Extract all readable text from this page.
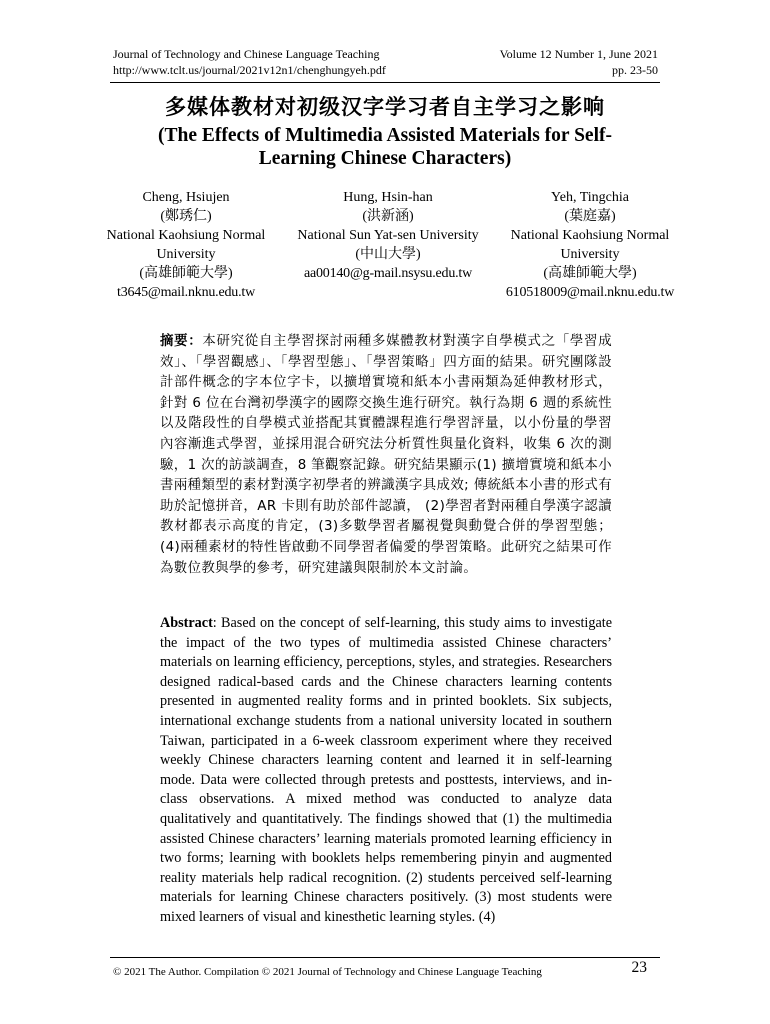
Journal of Technology and Chinese Language Teaching
http://www.tclt.us/journal/2021v12n1/chenghungyeh.pdf
Volume 12 Number 1, June 2021
pp. 23-50
多媒体教材对初级汉字学习者自主学习之影响
(The Effects of Multimedia Assisted Materials for Self-Learning Chinese Characters)
Cheng, Hsiujen
(鄭琇仁)
National Kaohsiung Normal University
(高雄師範大學)
t3645@mail.nknu.edu.tw
Hung, Hsin-han
(洪新涵)
National Sun Yat-sen University
(中山大學)
aa00140@g-mail.nsysu.edu.tw
Yeh, Tingchia
(葉庭嘉)
National Kaohsiung Normal University
(高雄師範大學)
610518009@mail.nknu.edu.tw
摘要：本研究從自主學習探討兩種多媒體教材對漢字自學模式之「學習成效」、「學習觀感」、「學習型態」、「學習策略」四方面的結果。研究團隊設計部件概念的字本位字卡，以擴增實境和紙本小書兩類為延伸教材形式，針對 6 位在台灣初學漢字的國際交換生進行研究。執行為期 6 週的系統性以及階段性的自學模式並搭配其實體課程進行學習評量，以小份量的學習內容漸進式學習，並採用混合研究法分析質性與量化資料，收集 6 次的測驗，1 次的訪談調查，8 筆觀察記錄。研究結果顯示(1) 擴增實境和紙本小書兩種類型的素材對漢字初學者的辨識漢字具成效; 傳統紙本小書的形式有助於記憶拼音，AR 卡則有助於部件認讀， (2)學習者對兩種自學漢字認讀教材都表示高度的肯定，(3)多數學習者屬視覺與動覺合併的學習型態；(4)兩種素材的特性皆啟動不同學習者偏愛的學習策略。此研究之結果可作為數位教與學的參考，研究建議與限制於本文討論。
Abstract: Based on the concept of self-learning, this study aims to investigate the impact of the two types of multimedia assisted Chinese characters’ materials on learning efficiency, perceptions, styles, and strategies. Researchers designed radical-based cards and the Chinese characters learning contents presented in augmented reality forms and in printed booklets. Six subjects, international exchange students from a national university located in southern Taiwan, participated in a 6-week classroom experiment where they received weekly Chinese characters learning content and learned it in self-learning mode. Data were collected through pretests and posttests, interviews, and in-class observations. A mixed method was conducted to analyze data qualitatively and quantitatively. The findings showed that (1) the multimedia assisted Chinese characters’ learning materials promoted learning efficiency in two forms; learning with booklets helps remembering pinyin and augmented reality materials help radical recognition. (2) students perceived self-learning materials for learning Chinese characters positively. (3) most students were mixed learners of visual and kinesthetic learning styles. (4)
© 2021 The Author. Compilation © 2021 Journal of Technology and Chinese Language Teaching	23
